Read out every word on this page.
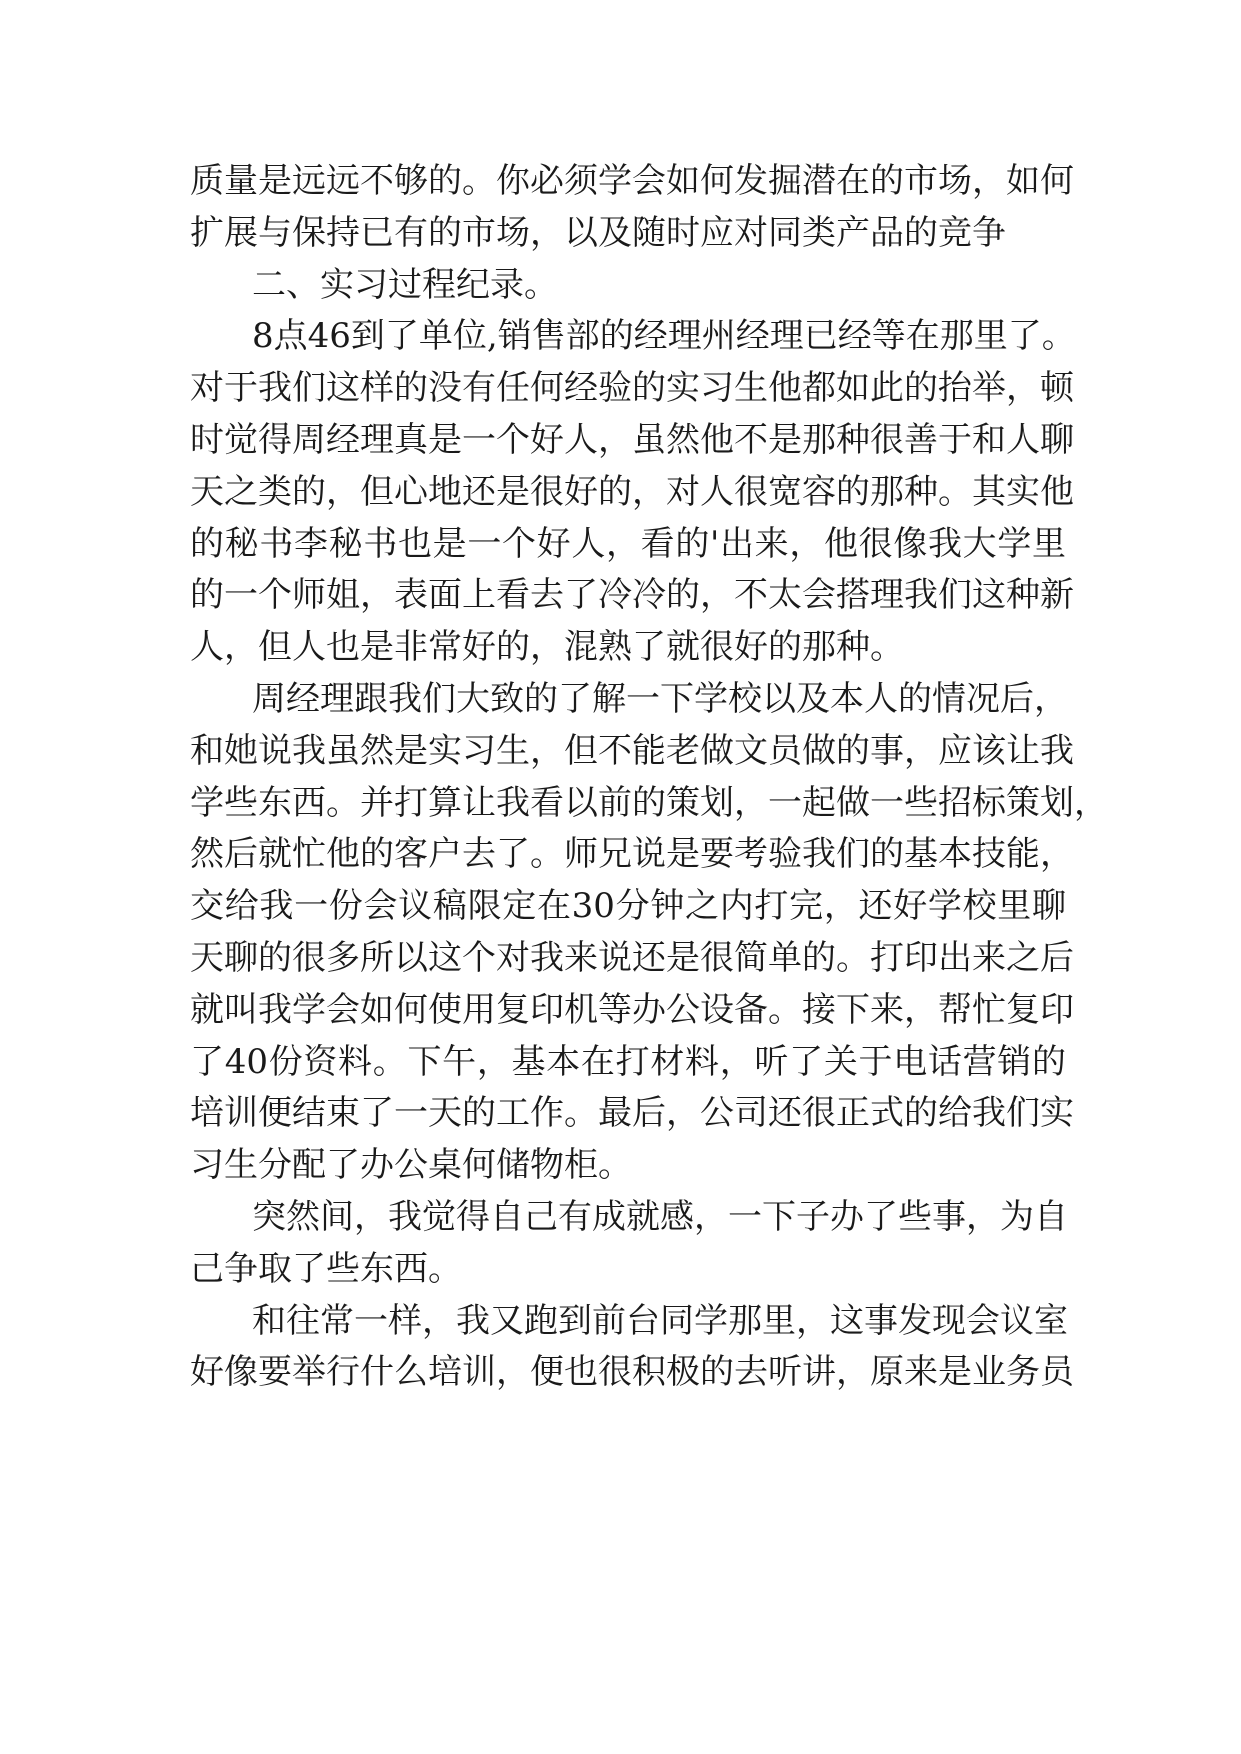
质量是远远不够的。你必须学会如何发掘潜在的市场，如何
扩展与保持已有的市场，以及随时应对同类产品的竞争
二、实习过程纪录。
8点46到了单位,销售部的经理州经理已经等在那里了。
对于我们这样的没有任何经验的实习生他都如此的抬举，顿
时觉得周经理真是一个好人，虽然他不是那种很善于和人聊
天之类的，但心地还是很好的，对人很宽容的那种。其实他
的秘书李秘书也是一个好人，看的'出来，他很像我大学里
的一个师姐，表面上看去了冷冷的，不太会搭理我们这种新
人，但人也是非常好的，混熟了就很好的那种。
周经理跟我们大致的了解一下学校以及本人的情况后，
和她说我虽然是实习生，但不能老做文员做的事，应该让我
学些东西。并打算让我看以前的策划，一起做一些招标策划，
然后就忙他的客户去了。师兄说是要考验我们的基本技能，
交给我一份会议稿限定在30分钟之内打完，还好学校里聊
天聊的很多所以这个对我来说还是很简单的。打印出来之后
就叫我学会如何使用复印机等办公设备。接下来，帮忙复印
了40份资料。下午，基本在打材料，听了关于电话营销的
培训便结束了一天的工作。最后，公司还很正式的给我们实
习生分配了办公桌何储物柜。
突然间，我觉得自己有成就感，一下子办了些事，为自
己争取了些东西。
和往常一样，我又跑到前台同学那里，这事发现会议室
好像要举行什么培训，便也很积极的去听讲，原来是业务员
